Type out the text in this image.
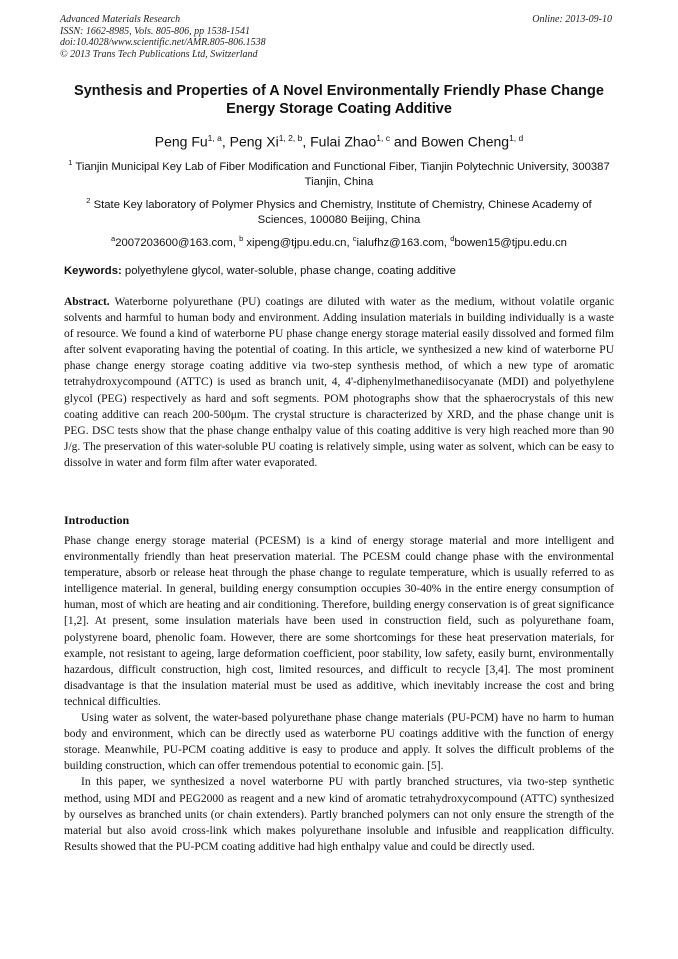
Advanced Materials Research
ISSN: 1662-8985, Vols. 805-806, pp 1538-1541
doi:10.4028/www.scientific.net/AMR.805-806.1538
© 2013 Trans Tech Publications Ltd, Switzerland
Online: 2013-09-10
Synthesis and Properties of A Novel Environmentally Friendly Phase Change Energy Storage Coating Additive
Peng Fu$^{1, a}$, Peng Xi$^{1, 2, b}$, Fulai Zhao$^{1, c}$ and Bowen Cheng$^{1, d}$
$^1$ Tianjin Municipal Key Lab of Fiber Modification and Functional Fiber, Tianjin Polytechnic University, 300387 Tianjin, China
$^2$ State Key laboratory of Polymer Physics and Chemistry, Institute of Chemistry, Chinese Academy of Sciences, 100080 Beijing, China
$^a$2007203600@163.com, $^b$ xipeng@tjpu.edu.cn, $^c$ialufhz@163.com, $^d$bowen15@tjpu.edu.cn
Keywords: polyethylene glycol, water-soluble, phase change, coating additive

Abstract. Waterborne polyurethane (PU) coatings are diluted with water as the medium, without volatile organic solvents and harmful to human body and environment. Adding insulation materials in building individually is a waste of resource. We found a kind of waterborne PU phase change energy storage material easily dissolved and formed film after solvent evaporating having the potential of coating. In this article, we synthesized a new kind of waterborne PU phase change energy storage coating additive via two-step synthesis method, of which a new type of aromatic tetrahydroxycompound (ATTC) is used as branch unit, 4, 4'-diphenylmethanediisocyanate (MDI) and polyethylene glycol (PEG) respectively as hard and soft segments. POM photographs show that the sphaerocrystals of this new coating additive can reach 200-500μm. The crystal structure is characterized by XRD, and the phase change unit is PEG. DSC tests show that the phase change enthalpy value of this coating additive is very high reached more than 90 J/g. The preservation of this water-soluble PU coating is relatively simple, using water as solvent, which can be easy to dissolve in water and form film after water evaporated.

Introduction

Phase change energy storage material (PCESM) is a kind of energy storage material and more intelligent and environmentally friendly than heat preservation material. The PCESM could change phase with the environmental temperature, absorb or release heat through the phase change to regulate temperature, which is usually referred to as intelligence material. In general, building energy consumption occupies 30-40% in the entire energy consumption of human, most of which are heating and air conditioning. Therefore, building energy conservation is of great significance [1,2]. At present, some insulation materials have been used in construction field, such as polyurethane foam, polystyrene board, phenolic foam. However, there are some shortcomings for these heat preservation materials, for example, not resistant to ageing, large deformation coefficient, poor stability, low safety, easily burnt, environmentally hazardous, difficult construction, high cost, limited resources, and difficult to recycle [3,4]. The most prominent disadvantage is that the insulation material must be used as additive, which inevitably increase the cost and bring technical difficulties.

Using water as solvent, the water-based polyurethane phase change materials (PU-PCM) have no harm to human body and environment, which can be directly used as waterborne PU coatings additive with the function of energy storage. Meanwhile, PU-PCM coating additive is easy to produce and apply. It solves the difficult problems of the building construction, which can offer tremendous potential to economic gain. [5].

In this paper, we synthesized a novel waterborne PU with partly branched structures, via two-step synthetic method, using MDI and PEG2000 as reagent and a new kind of aromatic tetrahydroxycompound (ATTC) synthesized by ourselves as branched units (or chain extenders). Partly branched polymers can not only ensure the strength of the material but also avoid cross-link which makes polyurethane insoluble and infusible and reapplication difficulty. Results showed that the PU-PCM coating additive had high enthalpy value and could be directly used.
